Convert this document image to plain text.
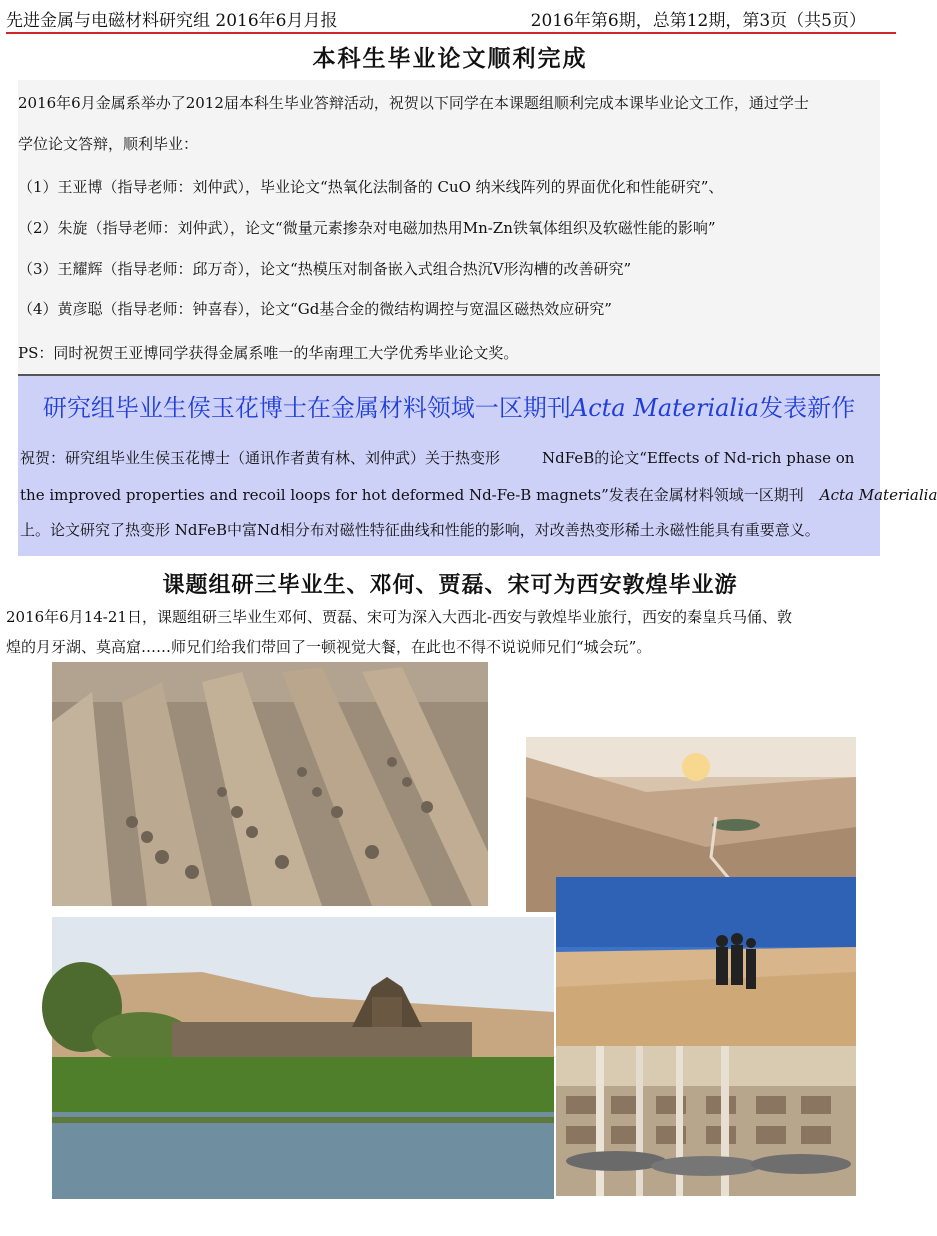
先进金属与电磁材料研究组 2016年6月月报	2016年第6期，总第12期，第3页（共5页）
本科生毕业论文顺利完成

2016年6月金属系举办了2012届本科生毕业答辩活动，祝贺以下同学在本课题组顺利完成本课毕业论文工作，通过学士

学位论文答辩，顺利毕业：

（1）王亚博（指导老师：刘仲武），毕业论文“热氧化法制备的 CuO 纳米线阵列的界面优化和性能研究”、

（2）朱旋（指导老师：刘仲武），论文“微量元素掺杂对电磁加热用Mn-Zn铁氧体组织及软磁性能的影响”

（3）王耀辉（指导老师：邱万奇），论文“热模压对制备嵌入式组合热沉V形沟槽的改善研究”

（4）黄彦聪（指导老师：钟喜春），论文“Gd基合金的微结构调控与宽温区磁热效应研究”

PS：同时祝贺王亚博同学获得金属系唯一的华南理工大学优秀毕业论文奖。

研究组毕业生侯玉花博士在金属材料领域一区期刊Acta Materialia发表新作

祝贺：研究组毕业生侯玉花博士（通讯作者黄有林、刘仲武）关于热变形	NdFeB的论文“Effects of Nd-rich phase on

the improved properties and recoil loops for hot deformed Nd-Fe-B magnets”发表在金属材料领域一区期刊 Acta Materialia

上。论文研究了热变形 NdFeB中富Nd相分布对磁性特征曲线和性能的影响，对改善热变形稀土永磁性能具有重要意义。

课题组研三毕业生、邓何、贾磊、宋可为西安敦煌毕业游

2016年6月14-21日，课题组研三毕业生邓何、贾磊、宋可为深入大西北-西安与敦煌毕业旅行，西安的秦皇兵马俑、敦

煌的月牙湖、莫高窟……师兄们给我们带回了一顿视觉大餐，在此也不得不说说师兄们“城会玩”。
